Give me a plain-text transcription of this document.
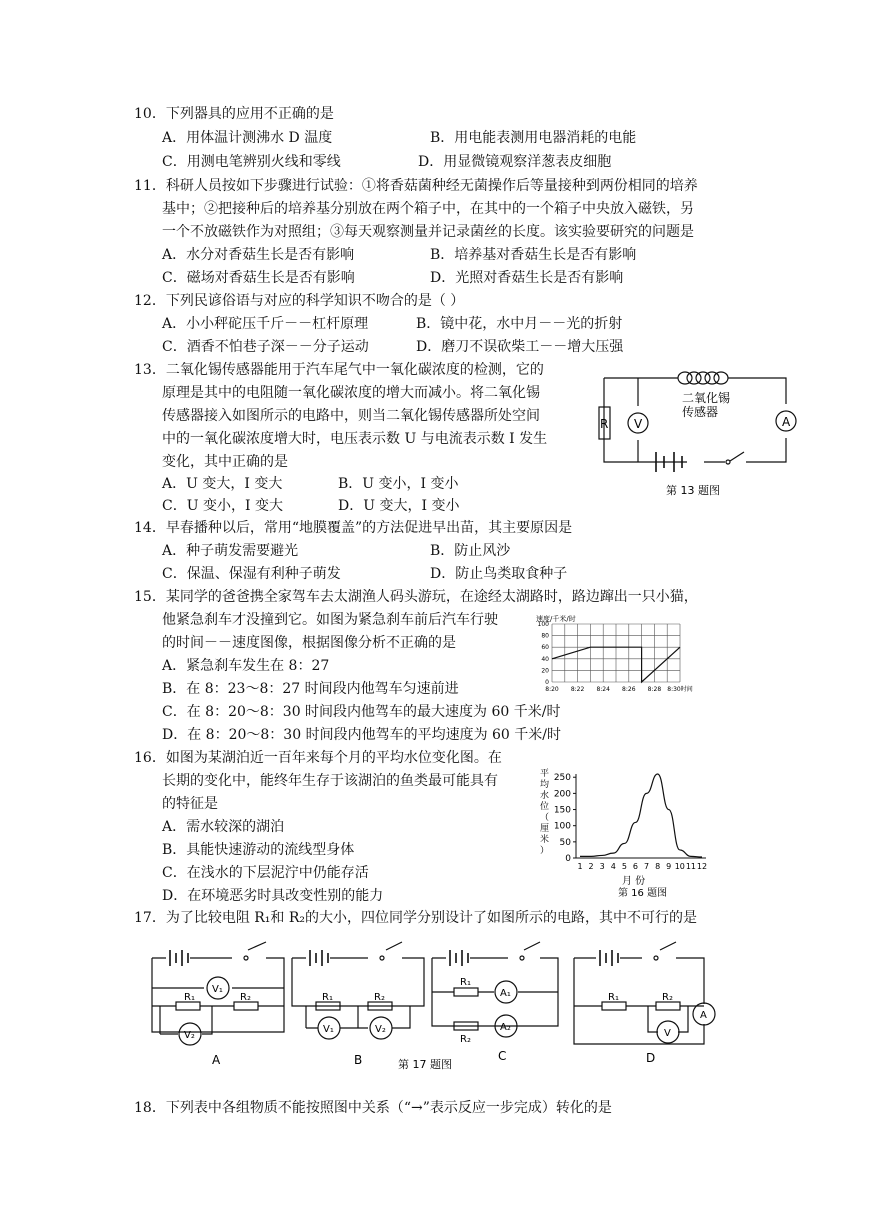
10．下列器具的应用不正确的是
A．用体温计测沸水 D 温度	B．用电能表测用电器消耗的电能
C．用测电笔辨别火线和零线	D．用显微镜观察洋葱表皮细胞
11．科研人员按如下步骤进行试验：①将香菇菌种经无菌操作后等量接种到两份相同的培养
基中；②把接种后的培养基分别放在两个箱子中，在其中的一个箱子中央放入磁铁，另
一个不放磁铁作为对照组；③每天观察测量并记录菌丝的长度。该实验要研究的问题是
A．水分对香菇生长是否有影响	B．培养基对香菇生长是否有影响
C．磁场对香菇生长是否有影响	D．光照对香菇生长是否有影响
12．下列民谚俗语与对应的科学知识不吻合的是（ ）
A．小小秤砣压千斤－－杠杆原理	B．镜中花，水中月－－光的折射
C．酒香不怕巷子深－－分子运动	D．磨刀不误砍柴工－－增大压强
13．二氧化锡传感器能用于汽车尾气中一氧化碳浓度的检测，它的
原理是其中的电阻随一氧化碳浓度的增大而减小。将二氧化锡
传感器接入如图所示的电路中，则当二氧化锡传感器所处空间
中的一氧化碳浓度增大时，电压表示数 U 与电流表示数 I 发生
变化，其中正确的是
A．U 变大，I 变大	B．U 变小，I 变小
C．U 变小，I 变大	D．U 变大，I 变小
R V	A
二氧化锡
传感器
第 13 题图
14．早春播种以后，常用“地膜覆盖”的方法促进早出苗，其主要原因是
A．种子萌发需要避光	B．防止风沙
C．保温、保湿有利种子萌发	D．防止鸟类取食种子
15．某同学的爸爸携全家驾车去太湖渔人码头游玩，在途经太湖路时，路边蹿出一只小猫，
他紧急刹车才没撞到它。如图为紧急刹车前后汽车行驶
的时间－－速度图像，根据图像分析不正确的是
A．紧急刹车发生在 8：27
B．在 8：23～8：27 时间段内他驾车匀速前进
C．在 8：20～8：30 时间段内他驾车的最大速度为 60 千米/时
D．在 8：20～8：30 时间段内他驾车的平均速度为 60 千米/时
速度/千米/时
0
20
40
60
80
100
8:20 8:22 8:24 8:26 8:28 8:30时间
16．如图为某湖泊近一百年来每个月的平均水位变化图。在
长期的变化中，能终年生存于该湖泊的鱼类最可能具有
的特征是
A．需水较深的湖泊
B．具能快速游动的流线型身体
C．在浅水的下层泥泞中仍能存活
D．在环境恶劣时具改变性别的能力
平均水 位（厘 米）
0
50
100
150
200
250
1 2 3 4 5 6 7 8 9 10 11 12
月 份
第 16 题图
17．为了比较电阻 R₁和 R₂的大小，四位同学分别设计了如图所示的电路，其中不可行的是
V₁
R₁	R₂
V₂
R₁	R₂
V₁	V₂
R₁
R₂
A₁
A₂
R₁	R₂
V
A
A	B	C	D
第 17 题图
18．下列表中各组物质不能按照图中关系（“→”表示反应一步完成）转化的是
